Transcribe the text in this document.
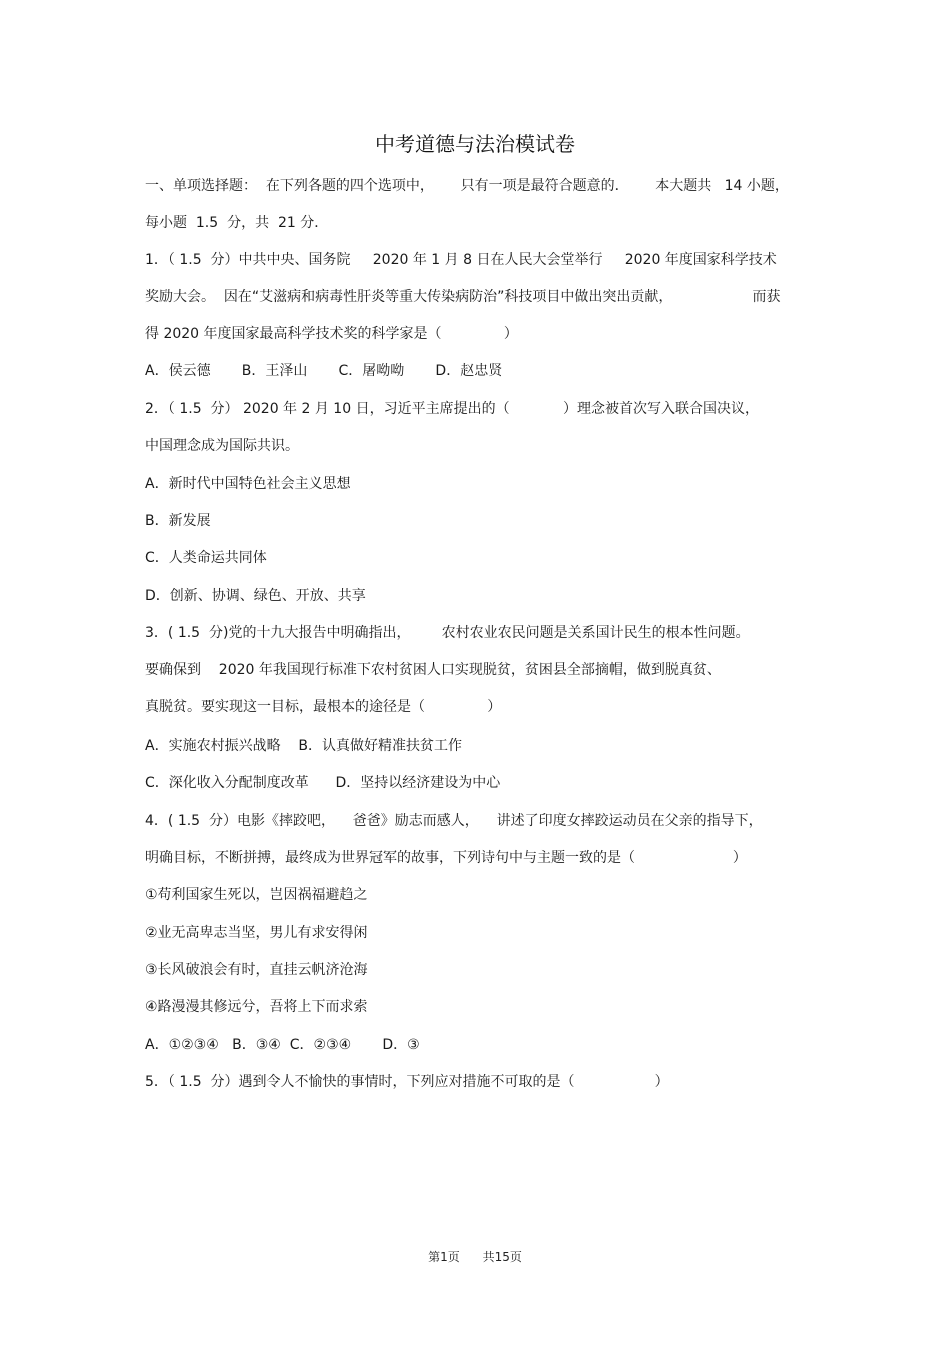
中考道德与法治模试卷
一、单项选择题：  在下列各题的四个选项中，      只有一项是最符合题意的．      本大题共   14 小题，
每小题  1.5  分，共  21 分．
1．（ 1.5  分）中共中央、国务院     2020 年 1 月 8 日在人民大会堂举行     2020 年度国家科学技术
奖励大会。  因在“艾滋病和病毒性肝炎等重大传染病防治”科技项目中做出突出贡献，                  而获
得 2020 年度国家最高科学技术奖的科学家是（              ）
A．侯云德       B．王泽山       C．屠呦呦       D．赵忠贤
2．（ 1.5  分） 2020 年 2 月 10 日，习近平主席提出的（            ）理念被首次写入联合国决议，
中国理念成为国际共识。
A．新时代中国特色社会主义思想
B．新发展
C．人类命运共同体
D．创新、协调、绿色、开放、共享
3．( 1.5  分)党的十九大报告中明确指出，       农村农业农民问题是关系国计民生的根本性问题。
要确保到    2020 年我国现行标准下农村贫困人口实现脱贫，贫困县全部摘帽，做到脱真贫、
真脱贫。要实现这一目标，最根本的途径是（              ）
A．实施农村振兴战略    B．认真做好精准扶贫工作
C．深化收入分配制度改革      D．坚持以经济建设为中心
4．( 1.5  分）电影《摔跤吧，    爸爸》励志而感人，    讲述了印度女摔跤运动员在父亲的指导下，
明确目标，不断拼搏，最终成为世界冠军的故事，下列诗句中与主题一致的是（                      ）
①苟利国家生死以，岂因祸福避趋之
②业无高卑志当坚，男儿有求安得闲
③长风破浪会有时，直挂云帆济沧海
④路漫漫其修远兮，吾将上下而求索
A．①②③④   B．③④  C．②③④       D．③
5．（ 1.5  分）遇到令人不愉快的事情时，下列应对措施不可取的是（                  ）
第1页      共15页
